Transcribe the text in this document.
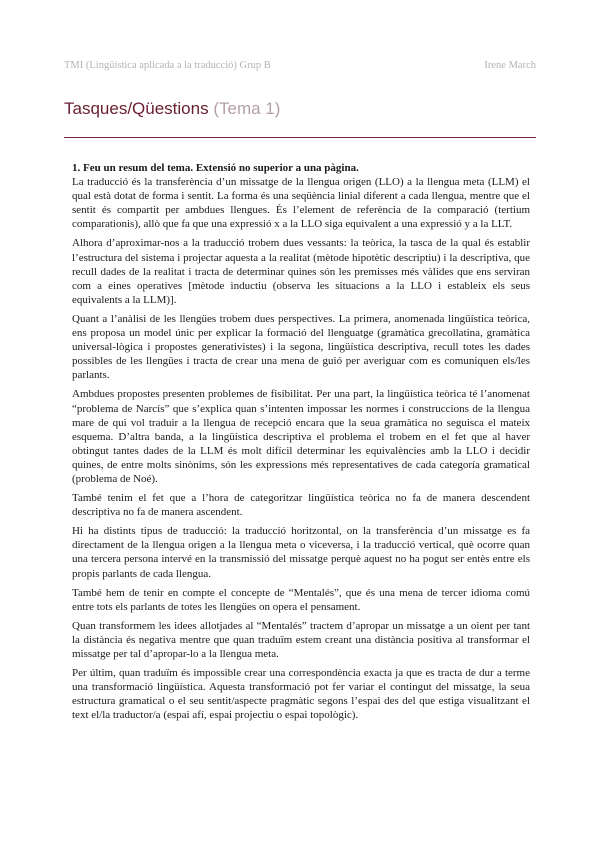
TMI (Lingüística aplicada a la traducció) Grup B	Irene March
Tasques/Qüestions (Tema 1)
1. Feu un resum del tema. Extensió no superior a una pàgina.

La traducció és la transferència d’un missatge de la llengua origen (LLO) a la llengua meta (LLM) el qual està dotat de forma i sentit. La forma és una seqüència linial diferent a cada llengua, mentre que el sentit és compartit per ambdues llengues. És l’element de referència de la comparació (tertium comparationis), allò que fa que una expressió x a la LLO siga equivalent a una expressió y a la LLT.

Alhora d’aproximar-nos a la traducció trobem dues vessants: la teòrica, la tasca de la qual és establir l’estructura del sistema i projectar aquesta a la realitat (mètode hipotètic descriptiu) i la descriptiva, que recull dades de la realitat i tracta de determinar quines són les premisses més vàlides que ens serviran com a eines operatives [mètode inductiu (observa les situacions a la LLO i estableix els seus equivalents a la LLM)].

Quant a l’anàlisi de les llengües trobem dues perspectives. La primera, anomenada lingüística teòrica, ens proposa un model únic per explicar la formació del llenguatge (gramàtica grecollatina, gramàtica universal-lògica i propostes generativistes) i la segona, lingüística descriptiva, recull totes les dades possibles de les llengües i tracta de crear una mena de guió per averiguar com es comuniquen els/les parlants.

Ambdues propostes presenten problemes de fisibilitat. Per una part, la lingüística teòrica té l’anomenat “problema de Narcís” que s’explica quan s’intenten impossar les normes i construccions de la llengua mare de qui vol traduir a la llengua de recepció encara que la seua gramàtica no seguisca el mateix esquema. D’altra banda, a la lingüística descriptiva el problema el trobem en el fet que al haver obtingut tantes dades de la LLM és molt difícil determinar les equivalències amb la LLO i decidir quines, de entre molts sinònims, són les expressions més representatives de cada categoría gramatical (problema de Noé).

També tenim el fet que a l’hora de categoritzar lingüística teòrica no fa de manera descendent descriptiva no fa de manera ascendent.

Hi ha distints tipus de traducció: la traducció horitzontal, on la transferència d’un missatge es fa directament de la llengua origen a la llengua meta o viceversa, i la traducció vertical, què ocorre quan una tercera persona intervé en la transmissió del missatge perquè aquest no ha pogut ser entès entre els propis parlants de cada llengua.

També hem de tenir en compte el concepte de “Mentalés”, que és una mena de tercer idioma comú entre tots els parlants de totes les llengües on opera el pensament.

Quan transformem les idees allotjades al “Mentalés” tractem d’apropar un missatge a un oient per tant la distància és negativa mentre que quan traduïm estem creant una distància positiva al transformar el missatge per tal d’apropar-lo a la llengua meta.

Per últim, quan traduïm és impossible crear una correspondència exacta ja que es tracta de dur a terme una transformació lingüística. Aquesta transformació pot fer variar el contingut del missatge, la seua estructura gramatical o el seu sentit/aspecte pragmàtic segons l’espai des del que estiga visualitzant el text el/la traductor/a (espai afí, espai projectiu o espai topològic).
